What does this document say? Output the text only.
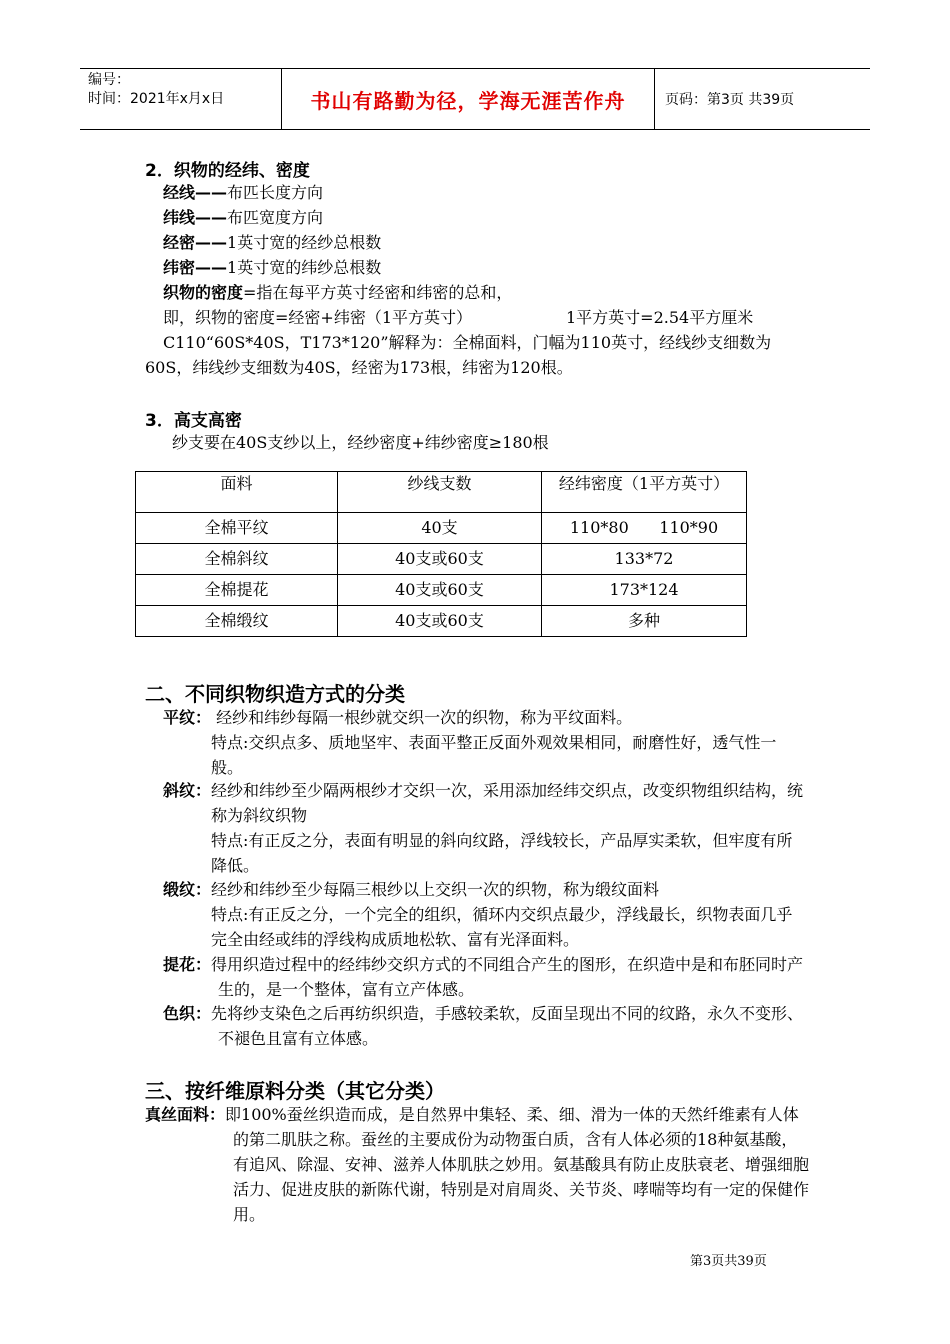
编号：
时间：2021年x月x日	书山有路勤为径，学海无涯苦作舟	页码：第3页 共39页
2．织物的经纬、密度
经线——布匹长度方向
纬线——布匹宽度方向
经密——1英寸宽的经纱总根数
纬密——1英寸宽的纬纱总根数
织物的密度=指在每平方英寸经密和纬密的总和，
即，织物的密度=经密+纬密（1平方英寸）	1平方英寸=2.54平方厘米
C110“60S*40S，T173*120”解释为：全棉面料，门幅为110英寸，经线纱支细数为60S，纬线纱支细数为40S，经密为173根，纬密为120根。
3．高支高密
纱支要在40S支纱以上，经纱密度+纬纱密度≥180根
面料	纱线支数	经纬密度（1平方英寸）
全棉平纹	40支	110*80      110*90
全棉斜纹	40支或60支	133*72
全棉提花	40支或60支	173*124
全棉缎纹	40支或60支	多种
二、不同织物织造方式的分类
平纹： 经纱和纬纱每隔一根纱就交织一次的织物，称为平纹面料。
特点:交织点多、质地坚牢、表面平整正反面外观效果相同，耐磨性好，透气性一般。
斜纹：经纱和纬纱至少隔两根纱才交织一次，采用添加经纬交织点，改变织物组织结构，统称为斜纹织物
特点:有正反之分，表面有明显的斜向纹路，浮线较长，产品厚实柔软，但牢度有所降低。
缎纹：经纱和纬纱至少每隔三根纱以上交织一次的织物，称为缎纹面料
特点:有正反之分，一个完全的组织，循环内交织点最少，浮线最长，织物表面几乎完全由经或纬的浮线构成质地松软、富有光泽面料。
提花：得用织造过程中的经纬纱交织方式的不同组合产生的图形，在织造中是和布胚同时产生的，是一个整体，富有立产体感。
色织：先将纱支染色之后再纺织织造，手感较柔软，反面呈现出不同的纹路，永久不变形、不褪色且富有立体感。
三、按纤维原料分类（其它分类）
真丝面料：即100%蚕丝织造而成，是自然界中集轻、柔、细、滑为一体的天然纤维素有人体的第二肌肤之称。蚕丝的主要成份为动物蛋白质，含有人体必须的18种氨基酸，有追风、除湿、安神、滋养人体肌肤之妙用。氨基酸具有防止皮肤衰老、增强细胞活力、促进皮肤的新陈代谢，特别是对肩周炎、关节炎、哮喘等均有一定的保健作用。
第3页共39页
